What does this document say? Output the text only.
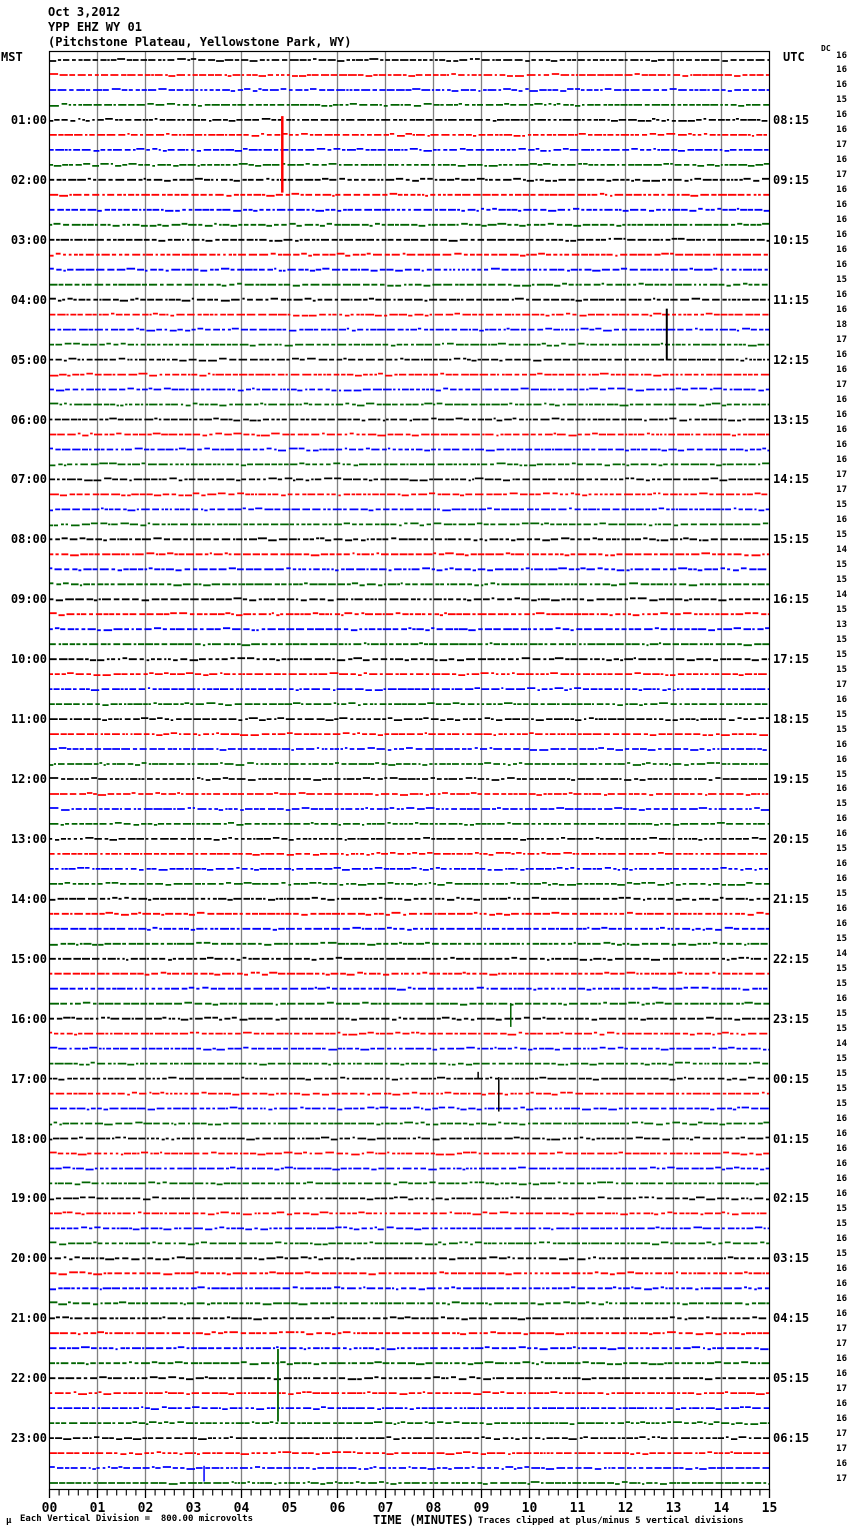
Oct 3,2012
YPP EHZ WY 01
(Pitchstone Plateau, Yellowstone Park, WY)
MST	UTC
DC
01:00
02:00
03:00
04:00
05:00
06:00
07:00
08:00
09:00
10:00
11:00
12:00
13:00
14:00
15:00
16:00
17:00
18:00
19:00
20:00
21:00
22:00
23:00
08:15
09:15
10:15
11:15
12:15
13:15
14:15
15:15
16:15
17:15
18:15
19:15
20:15
21:15
22:15
23:15
00:15
01:15
02:15
03:15
04:15
05:15
06:15
16
16
16
15
16
16
17
16
17
16
16
16
16
16
16
15
16
16
18
17
16
16
17
16
16
16
16
16
17
17
15
16
15
14
15
15
14
15
13
15
15
15
17
16
15
15
16
16
15
16
15
16
16
15
16
16
15
16
16
15
14
15
15
16
15
15
14
15
15
15
15
16
16
16
16
16
16
15
15
16
15
16
16
16
16
17
17
16
16
17
16
16
17
17
16
17
00 01 02 03 04 05 06 07 08 09 10 11 12 13 14 15
μ Each Vertical Division =  800.00 microvolts	TIME (MINUTES) Traces clipped at plus/minus 5 vertical divisions
